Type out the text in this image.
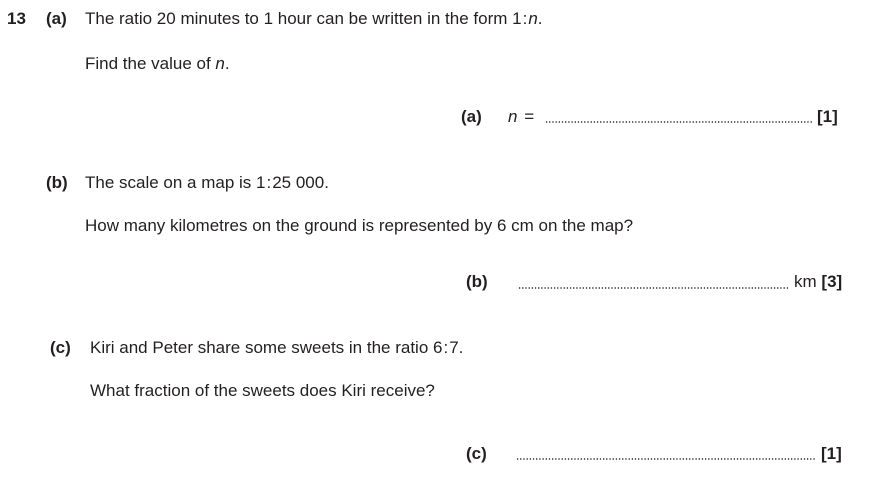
13 (a) The ratio 20 minutes to 1 hour can be written in the form 1:n.
Find the value of n.
(a) n =	[1]
(b) The scale on a map is 1:25 000.
How many kilometres on the ground is represented by 6 cm on the map?
(b)	km [3]
(c) Kiri and Peter share some sweets in the ratio 6:7.
What fraction of the sweets does Kiri receive?
(c)	[1]
